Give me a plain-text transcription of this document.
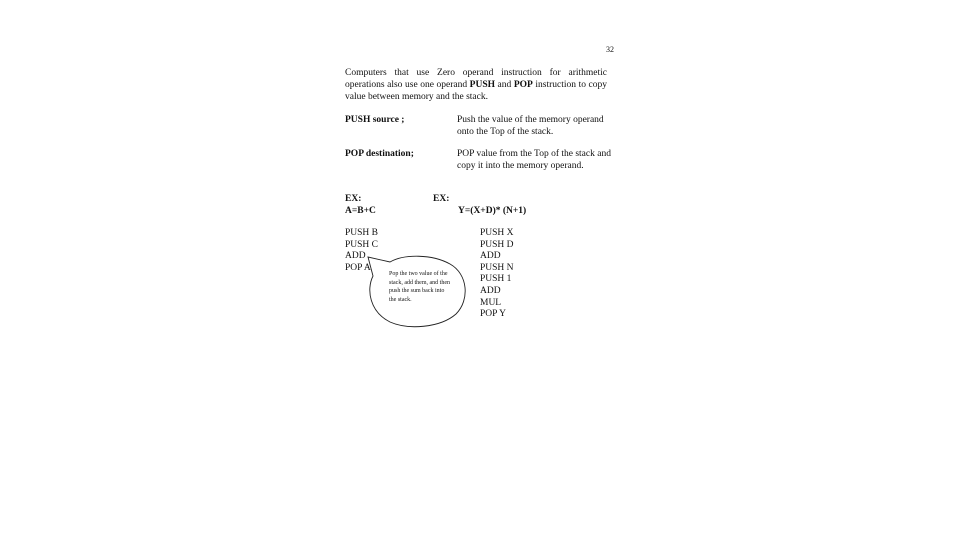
32
Computers that use Zero operand instruction for arithmetic operations also use one operand PUSH and POP instruction to copy value between memory and the stack.
PUSH source ;	Push the value of the memory operand onto the Top of the stack.
POP destination;	POP value from the Top of the stack and copy it into the memory operand.
EX:
A=B+C
EX:
Y=(X+D)* (N+1)
PUSH B
PUSH C
ADD
POP A
PUSH X
PUSH D
ADD
PUSH N
PUSH 1
ADD
MUL
POP Y
Pop the two value of the stack, add them, and then push the sum back into the stack.
